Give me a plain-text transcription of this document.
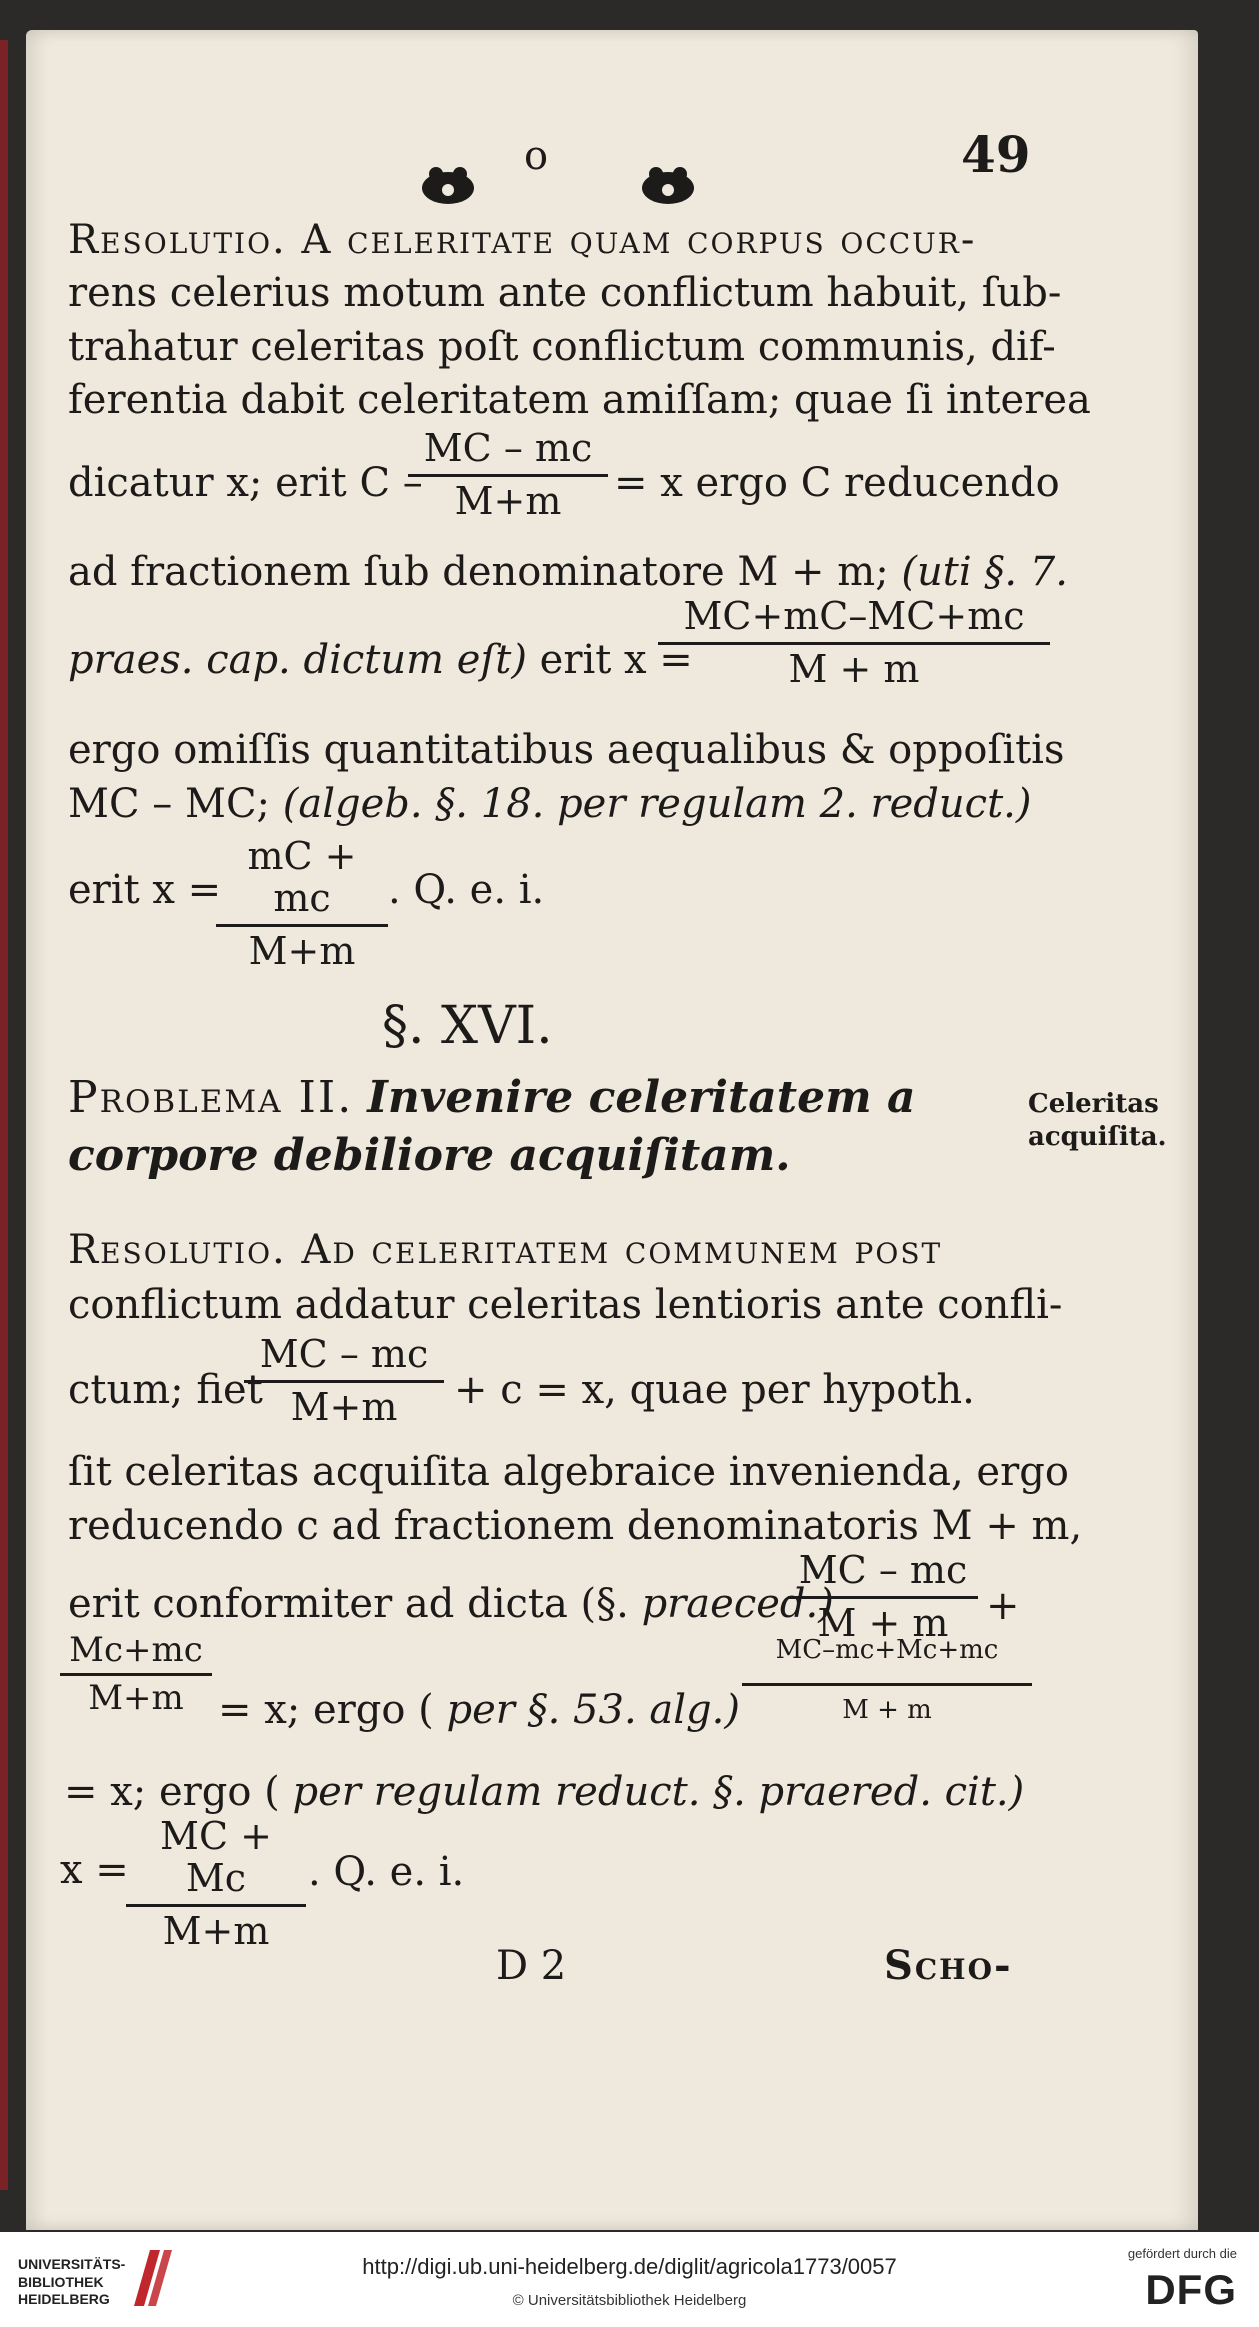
o	49
Resolutio. A celeritate quam corpus occur-
rens celerius motum ante conflictum habuit, ſub-
trahatur celeritas poſt conflictum communis, dif-
ferentia dabit celeritatem amiſſam; quae ſi interea
dicatur x; erit C –
MC – mc
M+m	= x ergo C reducendo
ad fractionem ſub denominatore M + m; (uti §. 7.
praes. cap. dictum eſt) erit x =
MC+mC–MC+mc
M + m
ergo omiſſis quantitatibus aequalibus & oppoſitis
MC – MC; (algeb. §. 18. per regulam 2. reduct.)
erit x =
mC + mc
M+m
. Q. e. i.
§. XVI.
Problema II. Invenire celeritatem a
corpore debiliore acquiſitam.
Celeritas
acquiſita.
Resolutio. Ad celeritatem communem poſt
conflictum addatur celeritas lentioris ante confli-
ctum; fiet
MC – mc
M+m	+ c = x, quae per hypoth.
ſit celeritas acquiſita algebraice invenienda, ergo
reducendo c ad fractionem denominatoris M + m,
erit conformiter ad dicta (§. praeced.)
MC – mc
M + m +
Mc+mc
M+m = x; ergo ( per §. 53. alg.)
MC–mc+Mc+mc
M + m
= x; ergo ( per regulam reduct. §. praered. cit.)
x =
MC + Mc
M+m
. Q. e. i.
D 2	Scho-
UNIVERSITÄTS-
BIBLIOTHEK
HEIDELBERG
http://digi.ub.uni-heidelberg.de/diglit/agricola1773/0057
© Universitätsbibliothek Heidelberg
gefördert durch die
DFG
